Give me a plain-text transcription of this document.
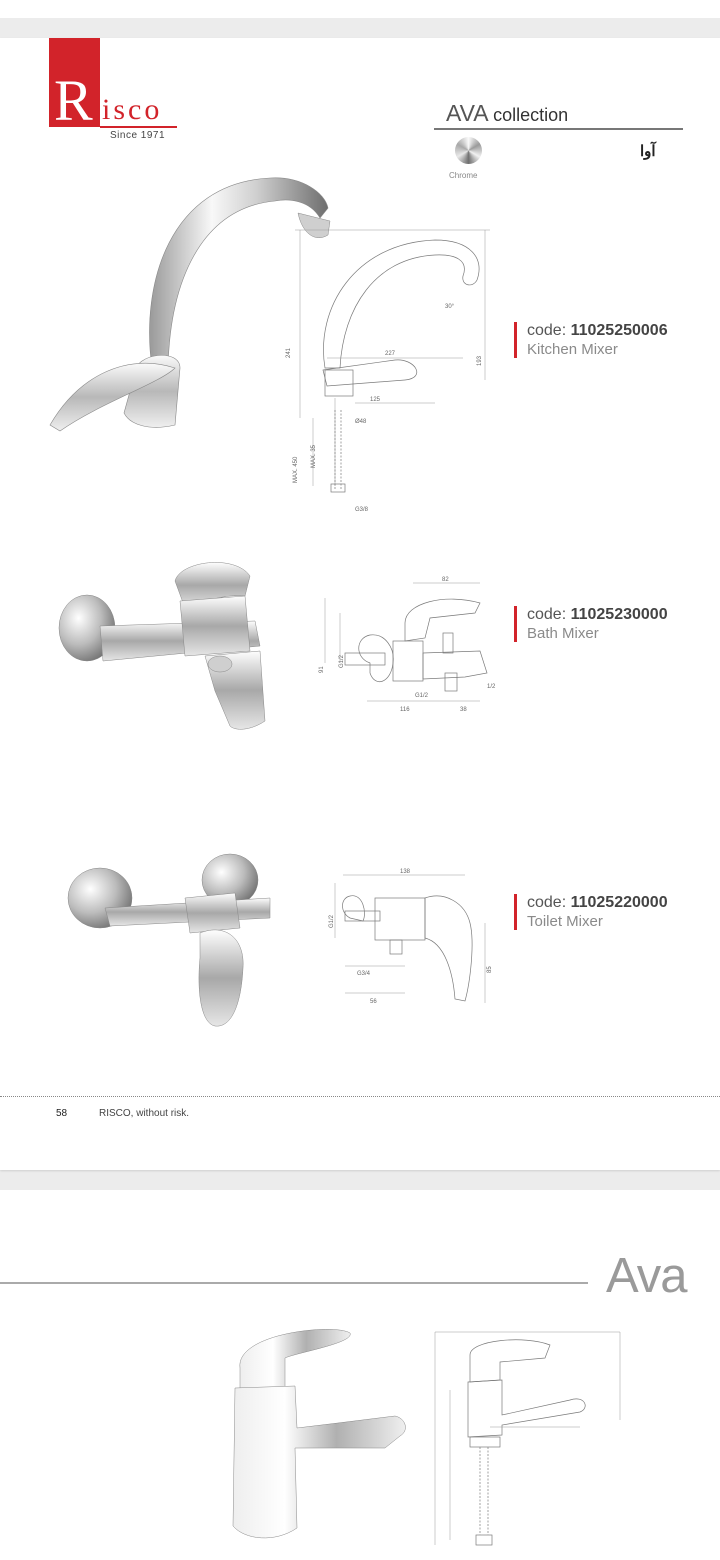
R isco
Since 1971
AVA collection
Chrome
آوا
241	227
193
125
Ø48
30°
MAX. 450
MAX. 35
G3/8
code: 11025250006
Kitchen Mixer
82
G1/2
91
G1/2
116	38
1/2
code: 11025230000
Bath Mixer
138
G1/2
G3/4
56
85
code: 11025220000
Toilet Mixer
58	RISCO, without risk.
Ava
